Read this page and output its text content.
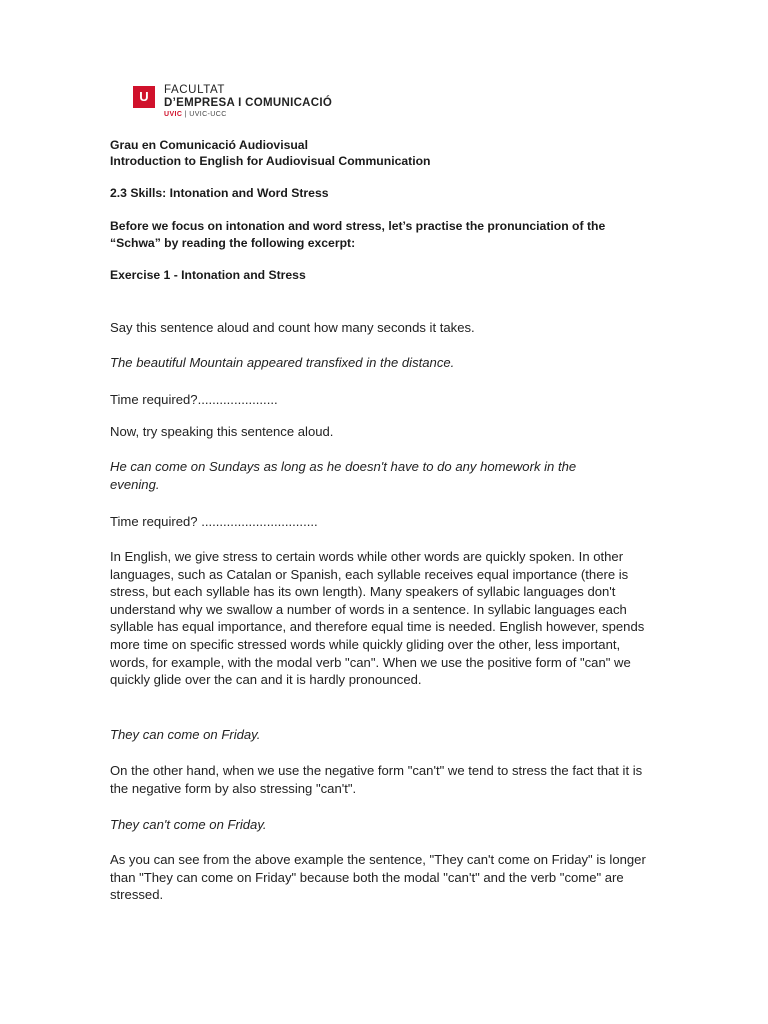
U	FACULTAT
D’EMPRESA I COMUNICACIÓ
UVIC | UVIC-UCC
Grau en Comunicació Audiovisual
Introduction to English for Audiovisual Communication
2.3 Skills: Intonation and Word Stress
Before we focus on intonation and word stress, let’s practise the pronunciation of the “Schwa” by reading the following excerpt:
Exercise 1 - Intonation and Stress
Say this sentence aloud and count how many seconds it takes.
The beautiful Mountain appeared transfixed in the distance.
Time required?......................
Now, try speaking this sentence aloud.
He can come on Sundays as long as he doesn't have to do any homework in the evening.
Time required? ................................
In English, we give stress to certain words while other words are quickly spoken. In other languages, such as Catalan or Spanish, each syllable receives equal importance (there is stress, but each syllable has its own length). Many speakers of syllabic languages don't understand why we swallow a number of words in a sentence. In syllabic languages each syllable has equal importance, and therefore equal time is needed. English however, spends more time on specific stressed words while quickly gliding over the other, less important, words, for example, with the modal verb "can". When we use the positive form of "can" we quickly glide over the can and it is hardly pronounced.
They can come on Friday.
On the other hand, when we use the negative form "can't" we tend to stress the fact that it is the negative form by also stressing "can't".
They can't come on Friday.
As you can see from the above example the sentence, "They can't come on Friday" is longer than "They can come on Friday" because both the modal "can't" and the verb "come" are stressed.
